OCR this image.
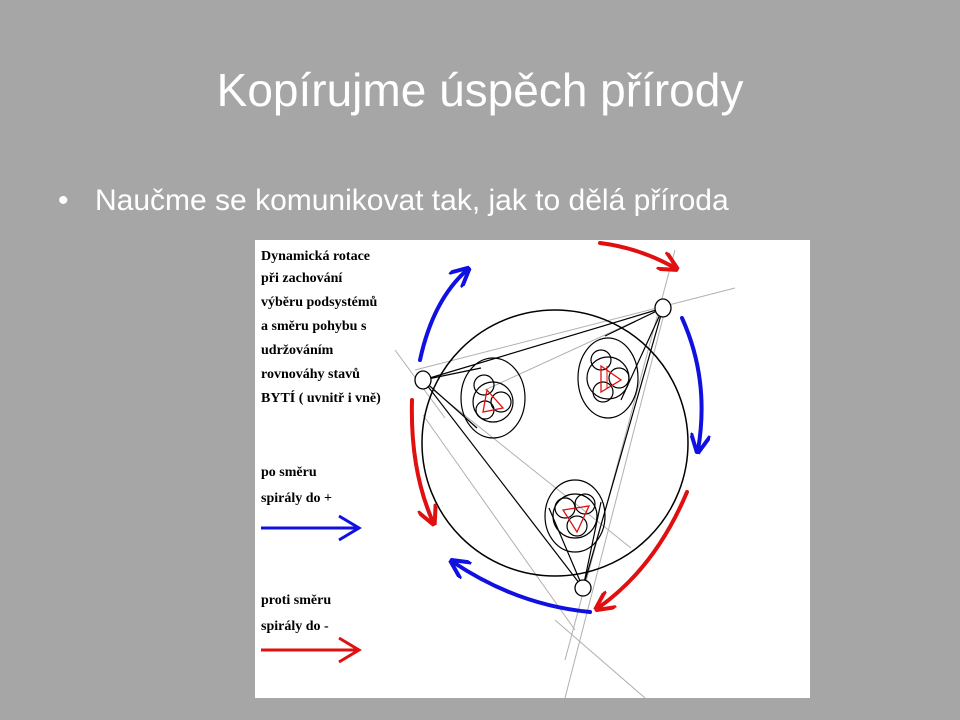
Kopírujme úspěch přírody
• Naučme se komunikovat tak, jak to dělá příroda
Dynamická rotace při zachování výběru podsystémů a směru pohybu s udržováním rovnováhy stavů BYTÍ ( uvnitř i vně)
po směru spirály do +
proti směru spirály do -
